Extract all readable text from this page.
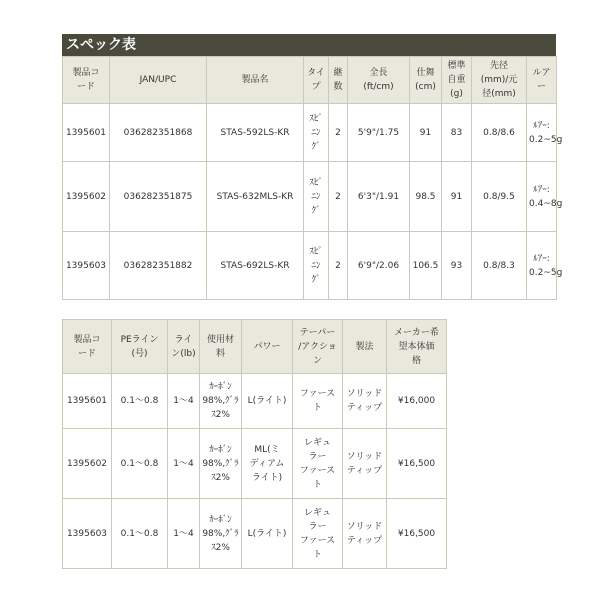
スペック表
製品コ
ード	JAN/UPC	製品名	タイ
プ	継
数	全長
(ft/cm)	仕舞
(cm)	標準
自重
(g)	先径
(mm)/元
径(mm)	ルアー

1395601	036282351868	STAS-592LS-KR	ｽﾋﾟ
ﾆﾝ
ｸﾞ	2	5'9"/1.75	91	83	0.8/8.6	ﾙｱｰ:
0.2~5g

1395602	036282351875	STAS-632MLS-KR	ｽﾋﾟ
ﾆﾝ
ｸﾞ	2	6'3"/1.91	98.5	91	0.8/9.5	ﾙｱｰ:
0.4~8g

1395603	036282351882	STAS-692LS-KR	ｽﾋﾟ
ﾆﾝ
ｸﾞ	2	6'9"/2.06	106.5	93	0.8/8.3	ﾙｱｰ:
0.2~5g
製品コ
ード	PEライン
(号)	ライ
ン(lb)	使用材
料	パワー	テーパー
/アクショ
ン	製法	メーカー希
望本体価
格

1395601	0.1～0.8	1～4	ｶｰﾎﾞﾝ
98%,ｸﾞﾗ
ｽ2%	L(ライト)	ファース
ト	ソリッド
ティップ	¥16,000
1395602	0.1～0.8	1～4	ｶｰﾎﾞﾝ
98%,ｸﾞﾗ
ｽ2%	ML(ミ
ディアム
ライト)	レギュ
ラー
ファース
ト	ソリッド
ティップ	¥16,500
1395603	0.1～0.8	1～4	ｶｰﾎﾞﾝ
98%,ｸﾞﾗ
ｽ2%	L(ライト)	レギュ
ラー
ファース
ト	ソリッド
ティップ	¥16,500
